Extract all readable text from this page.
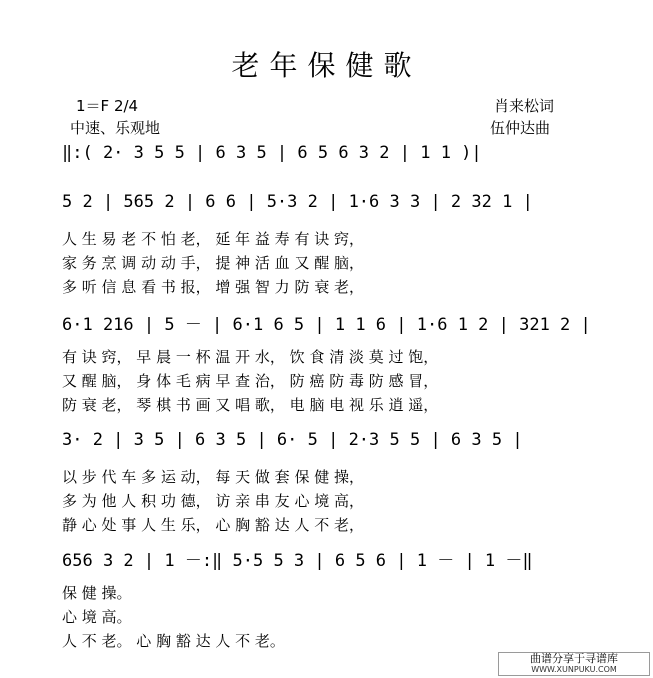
老年保健歌
1＝F 2/4
中速、乐观地
肖来松词
伍仲达曲
‖:( 2· 3 5 5 | 6 3 5 | 6 5 6 3 2 | 1 1 )|
5 2 | 565 2 | 6 6 | 5·3 2 | 1·6 3 3 | 2 32 1 |
人 生 易 老 不 怕 老， 延 年 益 寿 有 诀 窍，
家 务 烹 调 动 动 手， 提 神 活 血 又 醒 脑，
多 听 信 息 看 书 报， 增 强 智 力 防 衰 老，
6·1 216 | 5 － | 6·1 6 5 | 1 1 6 | 1·6 1 2 | 321 2 |
有 诀 窍， 早 晨 一 杯 温 开 水， 饮 食 清 淡 莫 过 饱，
又 醒 脑， 身 体 毛 病 早 查 治， 防 癌 防 毒 防 感 冒，
防 衰 老， 琴 棋 书 画 又 唱 歌， 电 脑 电 视 乐 逍 遥，
3· 2 | 3 5 | 6 3 5 | 6· 5 | 2·3 5 5 | 6 3 5 |
以 步 代 车 多 运 动， 每 天 做 套 保 健 操，
多 为 他 人 积 功 德， 访 亲 串 友 心 境 高，
静 心 处 事 人 生 乐， 心 胸 豁 达 人 不 老，
656 3 2 | 1 －:‖ 5·5 5 3 | 6 5 6 | 1 － | 1 －‖
保 健 操。
心 境 高。
人 不 老。 心 胸 豁 达 人 不 老。
曲谱分享于寻谱库
WWW.XUNPUKU.COM
